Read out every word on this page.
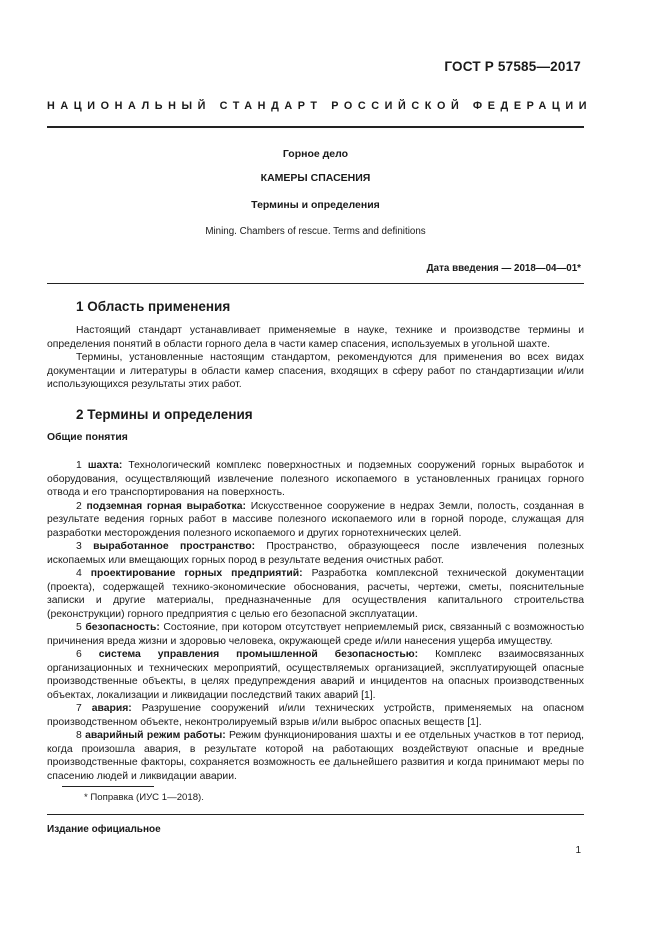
ГОСТ Р 57585—2017
НАЦИОНАЛЬНЫЙ СТАНДАРТ РОССИЙСКОЙ ФЕДЕРАЦИИ
Горное дело
КАМЕРЫ СПАСЕНИЯ
Термины и определения
Mining. Chambers of rescue. Terms and definitions
Дата введения — 2018—04—01*
1 Область применения

Настоящий стандарт устанавливает применяемые в науке, технике и производстве термины и определения понятий в области горного дела в части камер спасения, используемых в угольной шахте.

Термины, установленные настоящим стандартом, рекомендуются для применения во всех видах документации и литературы в области камер спасения, входящих в сферу работ по стандартизации и/или использующихся результаты этих работ.

2 Термины и определения
Общие понятия

1 шахта: Технологический комплекс поверхностных и подземных сооружений горных выработок и оборудования, осуществляющий извлечение полезного ископаемого в установленных границах горного отвода и его транспортирования на поверхность.

2 подземная горная выработка: Искусственное сооружение в недрах Земли, полость, созданная в результате ведения горных работ в массиве полезного ископаемого или в горной породе, служащая для разработки месторождения полезного ископаемого и других горнотехнических целей.

3 выработанное пространство: Пространство, образующееся после извлечения полезных ископаемых или вмещающих горных пород в результате ведения очистных работ.

4 проектирование горных предприятий: Разработка комплексной технической документации (проекта), содержащей технико-экономические обоснования, расчеты, чертежи, сметы, пояснительные записки и другие материалы, предназначенные для осуществления капитального строительства (реконструкции) горного предприятия с целью его безопасной эксплуатации.

5 безопасность: Состояние, при котором отсутствует неприемлемый риск, связанный с возможностью причинения вреда жизни и здоровью человека, окружающей среде и/или нанесения ущерба имуществу.

6 система управления промышленной безопасностью: Комплекс взаимосвязанных организационных и технических мероприятий, осуществляемых организацией, эксплуатирующей опасные производственные объекты, в целях предупреждения аварий и инцидентов на опасных производственных объектах, локализации и ликвидации последствий таких аварий [1].

7 авария: Разрушение сооружений и/или технических устройств, применяемых на опасном производственном объекте, неконтролируемый взрыв и/или выброс опасных веществ [1].

8 аварийный режим работы: Режим функционирования шахты и ее отдельных участков в тот период, когда произошла авария, в результате которой на работающих воздействуют опасные и вредные производственные факторы, сохраняется возможность ее дальнейшего развития и когда принимают меры по спасению людей и ликвидации аварии.

* Поправка (ИУС 1—2018).
Издание официальное
1
